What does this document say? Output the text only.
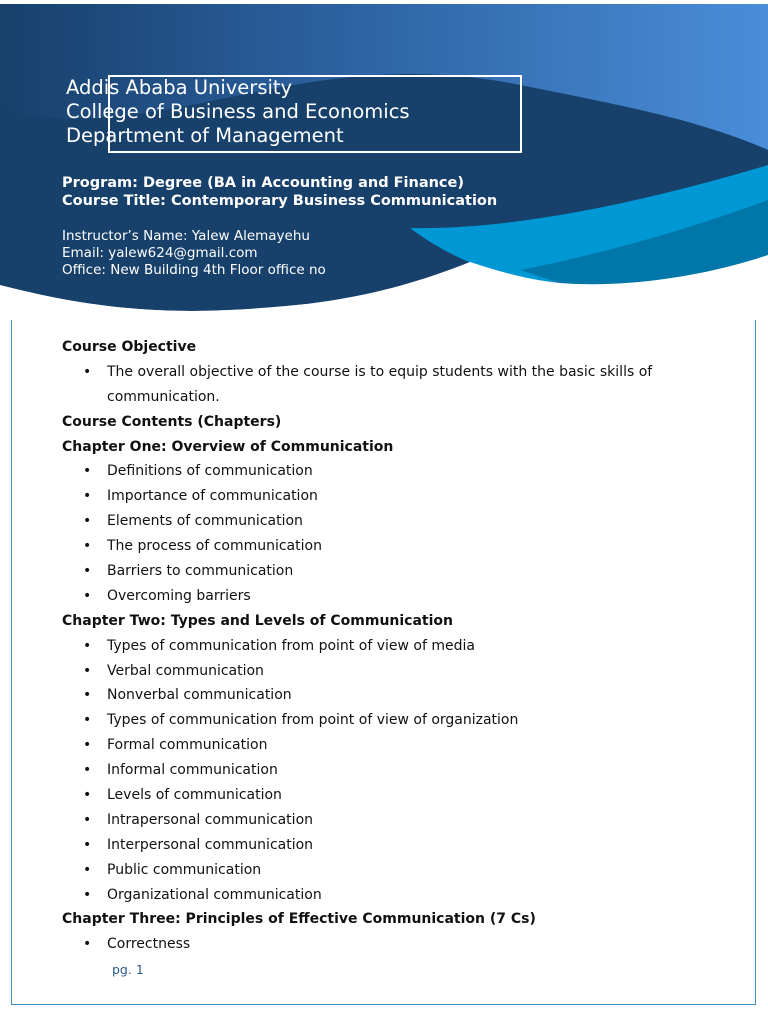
Addis Ababa University
College of Business and Economics
Department of Management
Program: Degree (BA in Accounting and Finance)
Course Title: Contemporary Business Communication
Instructor’s Name: Yalew Alemayehu
Email: yalew624@gmail.com
Office: New Building 4th Floor office no
Course Objective
• The overall objective of the course is to equip students with the basic skills of
communication.
Course Contents (Chapters)
Chapter One: Overview of Communication
• Definitions of communication
• Importance of communication
• Elements of communication
• The process of communication
• Barriers to communication
• Overcoming barriers
Chapter Two: Types and Levels of Communication
• Types of communication from point of view of media
• Verbal communication
• Nonverbal communication
• Types of communication from point of view of organization
• Formal communication
• Informal communication
• Levels of communication
• Intrapersonal communication
• Interpersonal communication
• Public communication
• Organizational communication
Chapter Three: Principles of Effective Communication (7 Cs)
• Correctness
pg. 1
